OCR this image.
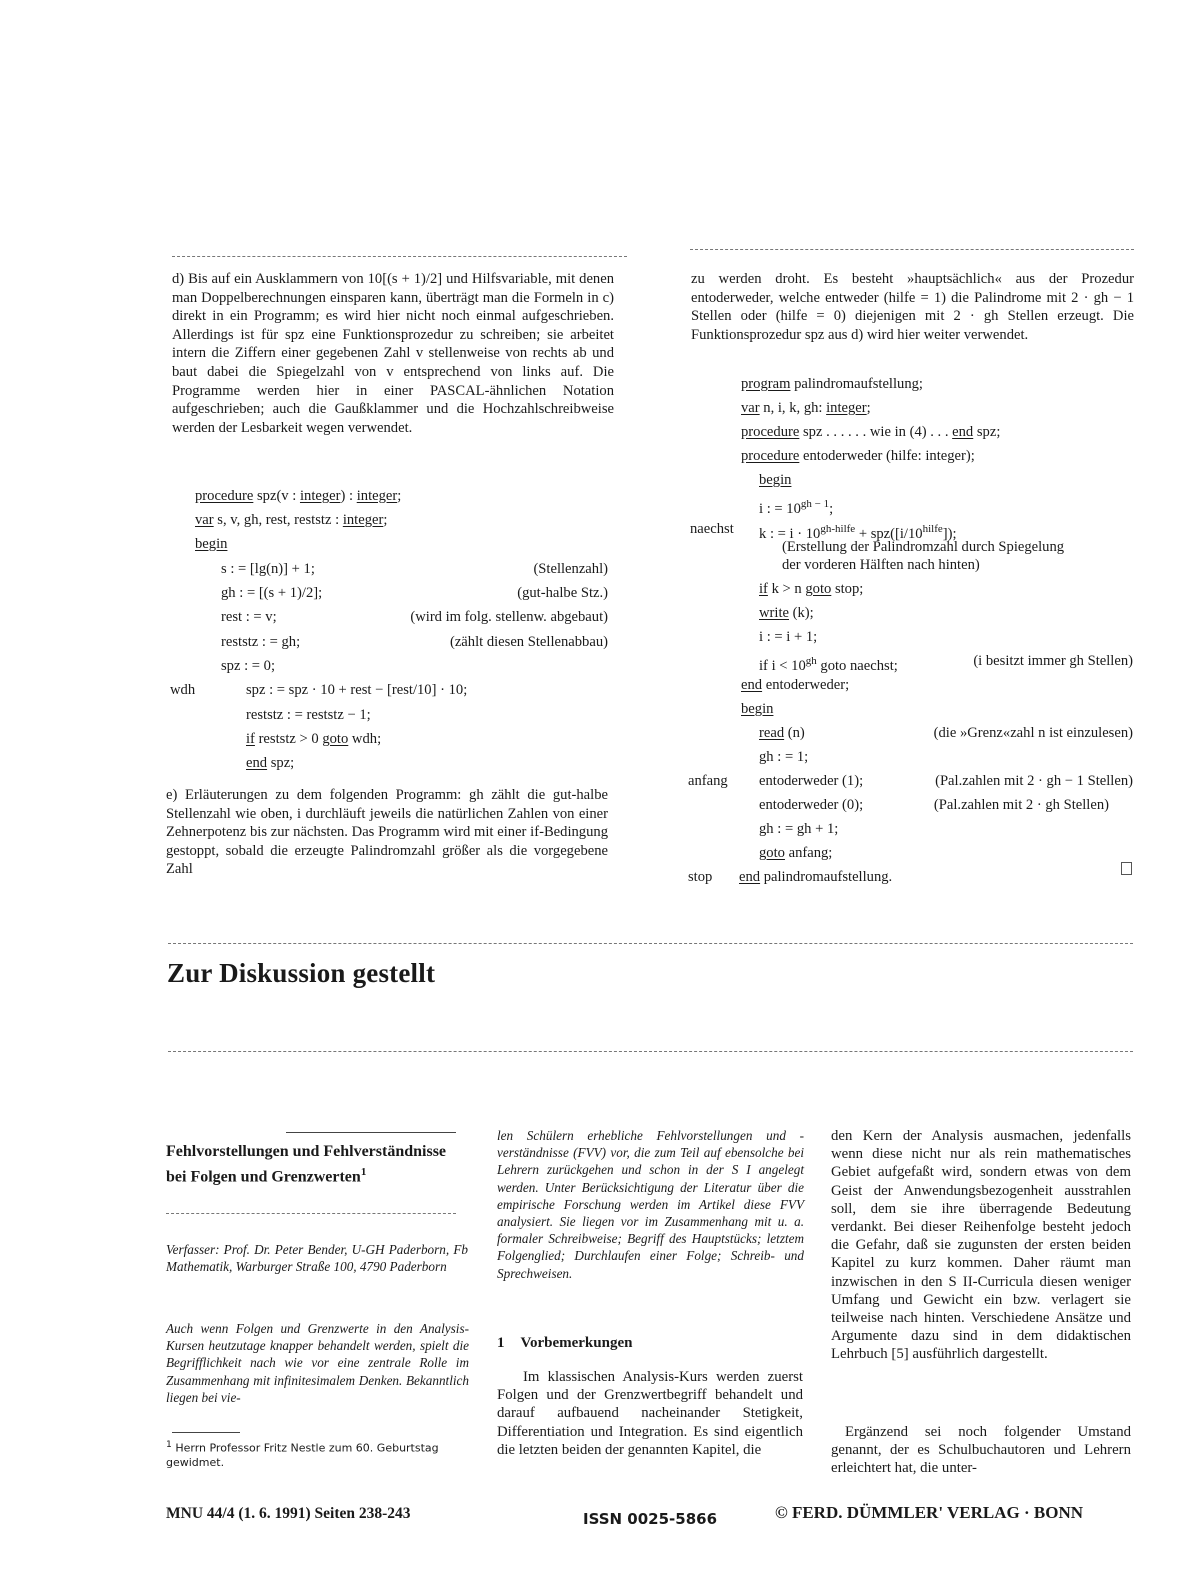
d) Bis auf ein Ausklammern von 10[(s + 1)/2] und Hilfsvariable, mit denen man Doppelberechnungen einsparen kann, überträgt man die Formeln in c) direkt in ein Programm; es wird hier nicht noch einmal aufgeschrieben. Allerdings ist für spz eine Funktionsprozedur zu schreiben; sie arbeitet intern die Ziffern einer gegebenen Zahl v stellenweise von rechts ab und baut dabei die Spiegelzahl von v entsprechend von links auf. Die Programme werden hier in einer PASCAL-ähnlichen Notation aufgeschrieben; auch die Gaußklammer und die Hochzahlschreibweise werden der Lesbarkeit wegen verwendet.
procedure spz(v : integer) : integer;
var s, v, gh, rest, reststz : integer;
begin
s : = [lg(n)] + 1;	(Stellenzahl)
gh : = [(s + 1)/2];	(gut-halbe Stz.)
rest : = v;	(wird im folg. stellenw. abgebaut)
reststz : = gh;	(zählt diesen Stellenabbau)
spz : = 0;
wdh	spz : = spz · 10 + rest − [rest/10] · 10;
reststz : = reststz − 1;
if reststz > 0 goto wdh;
end spz;
e) Erläuterungen zu dem folgenden Programm: gh zählt die gut-halbe Stellenzahl wie oben, i durchläuft jeweils die natürlichen Zahlen von einer Zehnerpotenz bis zur nächsten. Das Programm wird mit einer if-Bedingung gestoppt, sobald die erzeugte Palindromzahl größer als die vorgegebene Zahl
zu werden droht. Es besteht »hauptsächlich« aus der Prozedur entoderweder, welche entweder (hilfe = 1) die Palindrome mit 2 · gh − 1 Stellen oder (hilfe = 0) diejenigen mit 2 · gh Stellen erzeugt. Die Funktionsprozedur spz aus d) wird hier weiter verwendet.
program palindromaufstellung;
var n, i, k, gh: integer;
procedure spz . . . . . . wie in (4) . . . end spz;
procedure entoderweder (hilfe: integer);
begin
i : = $10^{gh - 1}$;
naechst k : = $i \cdot 10^{gh-hilfe} + spz([i/10^{hilfe}])$;
(Erstellung der Palindromzahl durch Spiegelung
der vorderen Hälften nach hinten)
if k > n goto stop;
write (k);
i : = i + 1;
if $i < 10^{gh}$ goto naechst;	(i besitzt immer gh Stellen)
end entoderweder;
begin
read (n)	(die »Grenz«zahl n ist einzulesen)
gh : = 1;
anfang entoderweder (1);	(Pal.zahlen mit 2 · gh − 1 Stellen)
entoderweder (0);	(Pal.zahlen mit 2 · gh Stellen)
gh : = gh + 1;
goto anfang;
stop end palindromaufstellung.
Zur Diskussion gestellt
Fehlvorstellungen und Fehlverständnisse bei Folgen und Grenzwerten$^1$
Verfasser: Prof. Dr. Peter Bender, U-GH Paderborn, Fb Mathematik, Warburger Straße 100, 4790 Paderborn
Auch wenn Folgen und Grenzwerte in den Analysis-Kursen heutzutage knapper behandelt werden, spielt die Begrifflichkeit nach wie vor eine zentrale Rolle im Zusammenhang mit infinitesimalem Denken. Bekanntlich liegen bei vie-
$^1$ Herrn Professor Fritz Nestle zum 60. Geburtstag gewidmet.
len Schülern erhebliche Fehlvorstellungen und -verständnisse (FVV) vor, die zum Teil auf ebensolche bei Lehrern zurückgehen und schon in der S I angelegt werden. Unter Berücksichtigung der Literatur über die empirische Forschung werden im Artikel diese FVV analysiert. Sie liegen vor im Zusammenhang mit u. a. formaler Schreibweise; Begriff des Hauptstücks; letztem Folgenglied; Durchlaufen einer Folge; Schreib- und Sprechweisen.
1 Vorbemerkungen
Im klassischen Analysis-Kurs werden zuerst Folgen und der Grenzwertbegriff behandelt und darauf aufbauend nacheinander Stetigkeit, Differentiation und Integration. Es sind eigentlich die letzten beiden der genannten Kapitel, die
den Kern der Analysis ausmachen, jedenfalls wenn diese nicht nur als rein mathematisches Gebiet aufgefaßt wird, sondern etwas von dem Geist der Anwendungsbezogenheit ausstrahlen soll, dem sie ihre überragende Bedeutung verdankt. Bei dieser Reihenfolge besteht jedoch die Gefahr, daß sie zugunsten der ersten beiden Kapitel zu kurz kommen. Daher räumt man inzwischen in den S II-Curricula diesen weniger Umfang und Gewicht ein bzw. verlagert sie teilweise nach hinten. Verschiedene Ansätze und Argumente dazu sind in dem didaktischen Lehrbuch [5] ausführlich dargestellt.
Ergänzend sei noch folgender Umstand genannt, der es Schulbuchautoren und Lehrern erleichtert hat, die unter-
MNU 44/4 (1. 6. 1991) Seiten 238-243	ISSN 0025-5866	© FERD. DÜMMLER' VERLAG · BONN
